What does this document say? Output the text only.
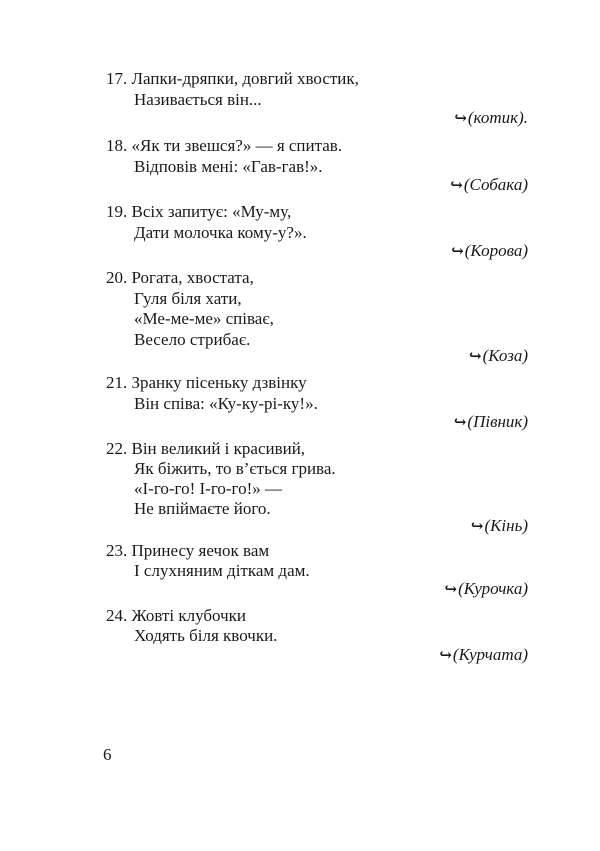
17. Лапки-дряпки, довгий хвостик,
Називається він...
↪(котик).
18. «Як ти звешся?» — я спитав.
Відповів мені: «Гав-гав!».
↪(Собака)
19. Всіх запитує: «Му-му,
Дати молочка кому-у?».
↪(Корова)
20. Рогата, хвостата,
Гуля біля хати,
«Ме-ме-ме» співає,
Весело стрибає.
↪(Коза)
21. Зранку пісеньку дзвінку
Він співа: «Ку-ку-рі-ку!».
↪(Півник)
22. Він великий і красивий,
Як біжить, то в’ється грива.
«І-го-го! І-го-го!» —
Не впіймаєте його.
↪(Кінь)
23. Принесу яечок вам
І слухняним діткам дам.
↪(Курочка)
24. Жовті клубочки
Ходять біля квочки.
↪(Курчата)
6
